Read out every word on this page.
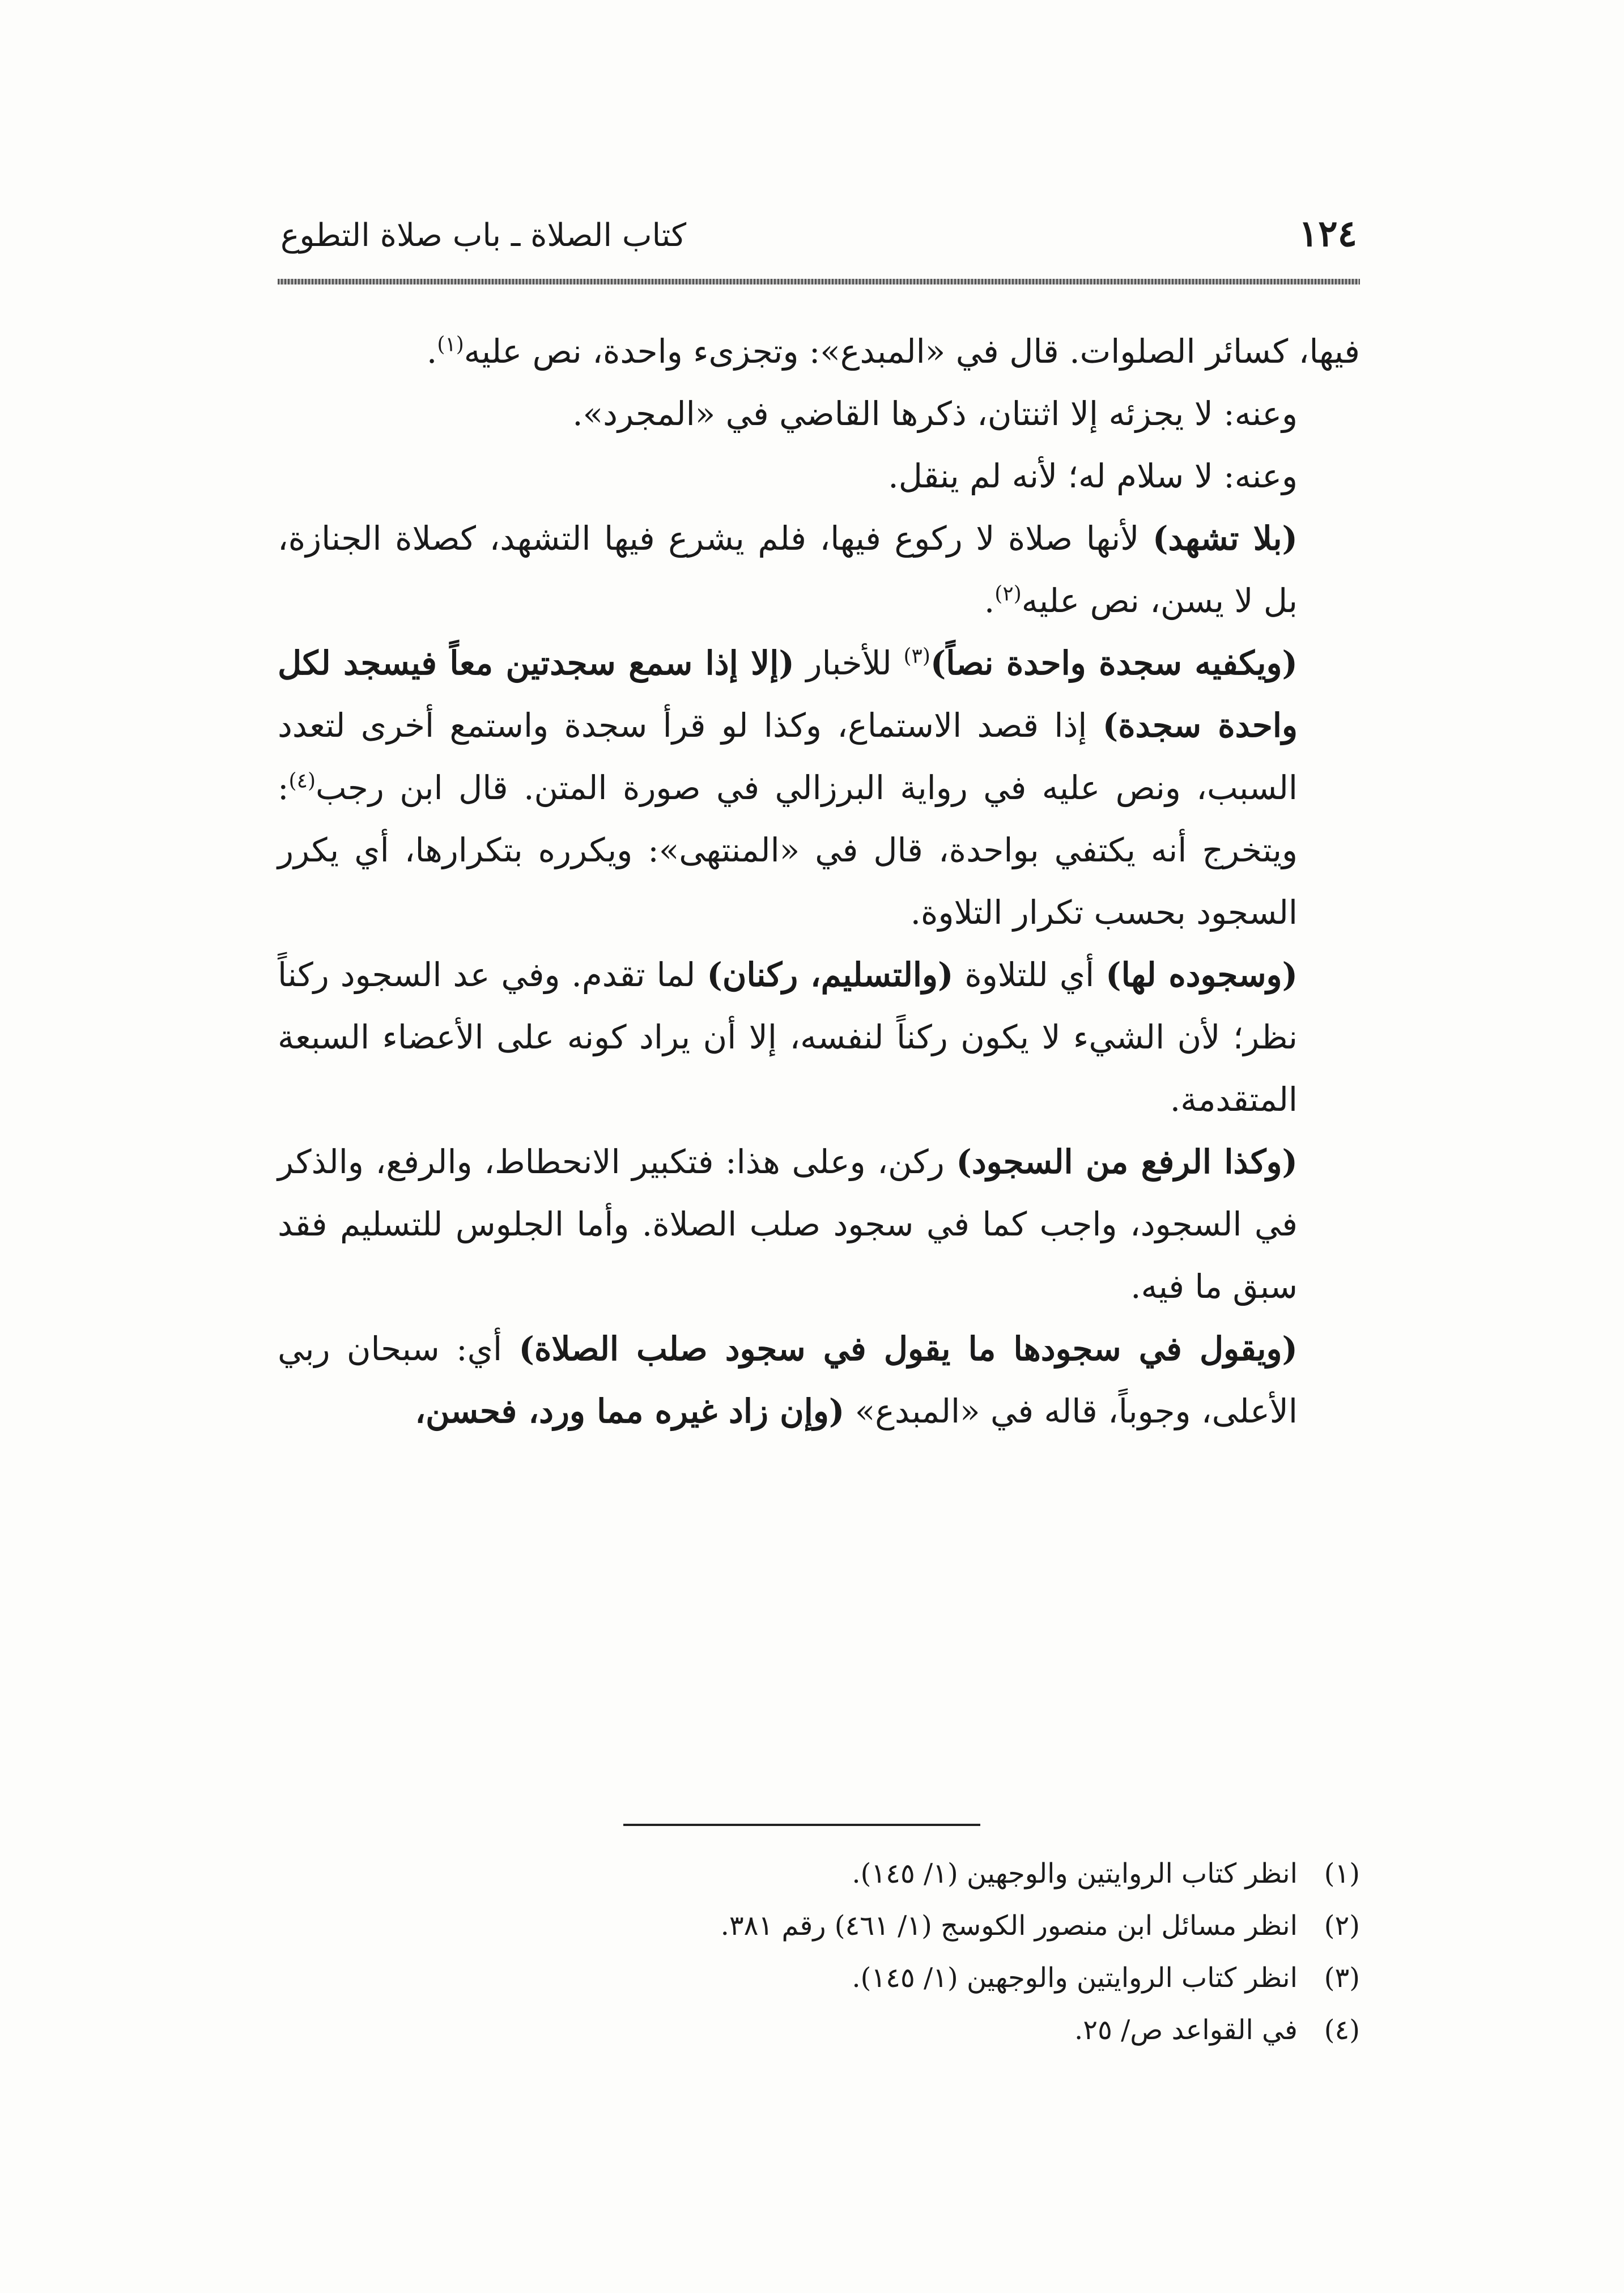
١٢٤
كتاب الصلاة ـ باب صلاة التطوع

فيها، كسائر الصلوات. قال في «المبدع»: وتجزىء واحدة، نص عليه$^{(١)}$.

وعنه: لا يجزئه إلا اثنتان، ذكرها القاضي في «المجرد».

وعنه: لا سلام له؛ لأنه لم ينقل.

(بلا تشهد) لأنها صلاة لا ركوع فيها، فلم يشرع فيها التشهد، كصلاة الجنازة، بل لا يسن، نص عليه$^{(٢)}$.

(ويكفيه سجدة واحدة نصاً)$^{(٣)}$ للأخبار (إلا إذا سمع سجدتين معاً فيسجد لكل واحدة سجدة) إذا قصد الاستماع، وكذا لو قرأ سجدة واستمع أخرى لتعدد السبب، ونص عليه في رواية البرزالي في صورة المتن. قال ابن رجب$^{(٤)}$: ويتخرج أنه يكتفي بواحدة، قال في «المنتهى»: ويكرره بتكرارها، أي يكرر السجود بحسب تكرار التلاوة.

(وسجوده لها) أي للتلاوة (والتسليم، ركنان) لما تقدم. وفي عد السجود ركناً نظر؛ لأن الشيء لا يكون ركناً لنفسه، إلا أن يراد كونه على الأعضاء السبعة المتقدمة.

(وكذا الرفع من السجود) ركن، وعلى هذا: فتكبير الانحطاط، والرفع، والذكر في السجود، واجب كما في سجود صلب الصلاة. وأما الجلوس للتسليم فقد سبق ما فيه.

(ويقول في سجودها ما يقول في سجود صلب الصلاة) أي: سبحان ربي الأعلى، وجوباً، قاله في «المبدع» (وإن زاد غيره مما ورد، فحسن،

(١)انظر كتاب الروايتين والوجهين (١/ ١٤٥).
(٢)انظر مسائل ابن منصور الكوسج (١/ ٤٦١) رقم ٣٨١.
(٣)انظر كتاب الروايتين والوجهين (١/ ١٤٥).
(٤)في القواعد ص/ ٢٥.
